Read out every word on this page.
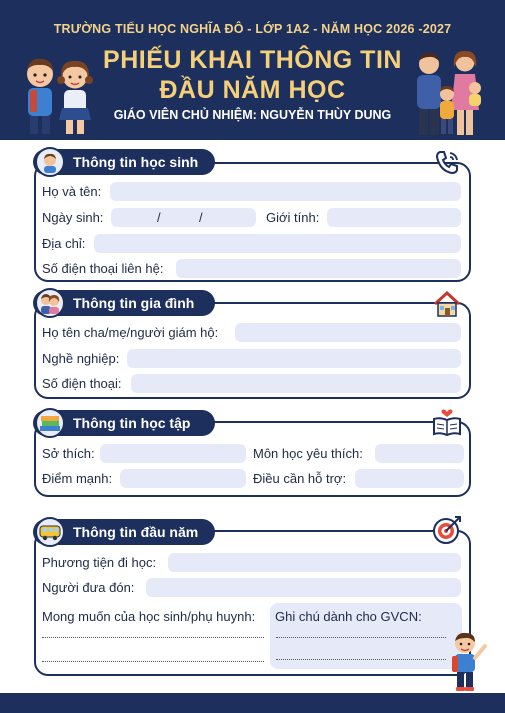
TRƯỜNG TIỂU HỌC NGHĨA ĐÔ - LỚP 1A2 - NĂM HỌC 2026 -2027
PHIẾU KHAI THÔNG TIN
ĐẦU NĂM HỌC
GIÁO VIÊN CHỦ NHIỆM: NGUYỄN THÙY DUNG
Thông tin học sinh
Họ và tên:
Ngày sinh:	/	/	Giới tính:
Địa chỉ:
Số điện thoại liên hệ:
Thông tin gia đình
Họ tên cha/mẹ/người giám hộ:
Nghề nghiệp:
Số điện thoại:
Thông tin học tập
Sở thích:	Môn học yêu thích:
Điểm mạnh:	Điều cần hỗ trợ:
Thông tin đầu năm
Phương tiện đi học:
Người đưa đón:
Mong muốn của học sinh/phụ huynh: Ghi chú dành cho GVCN:
